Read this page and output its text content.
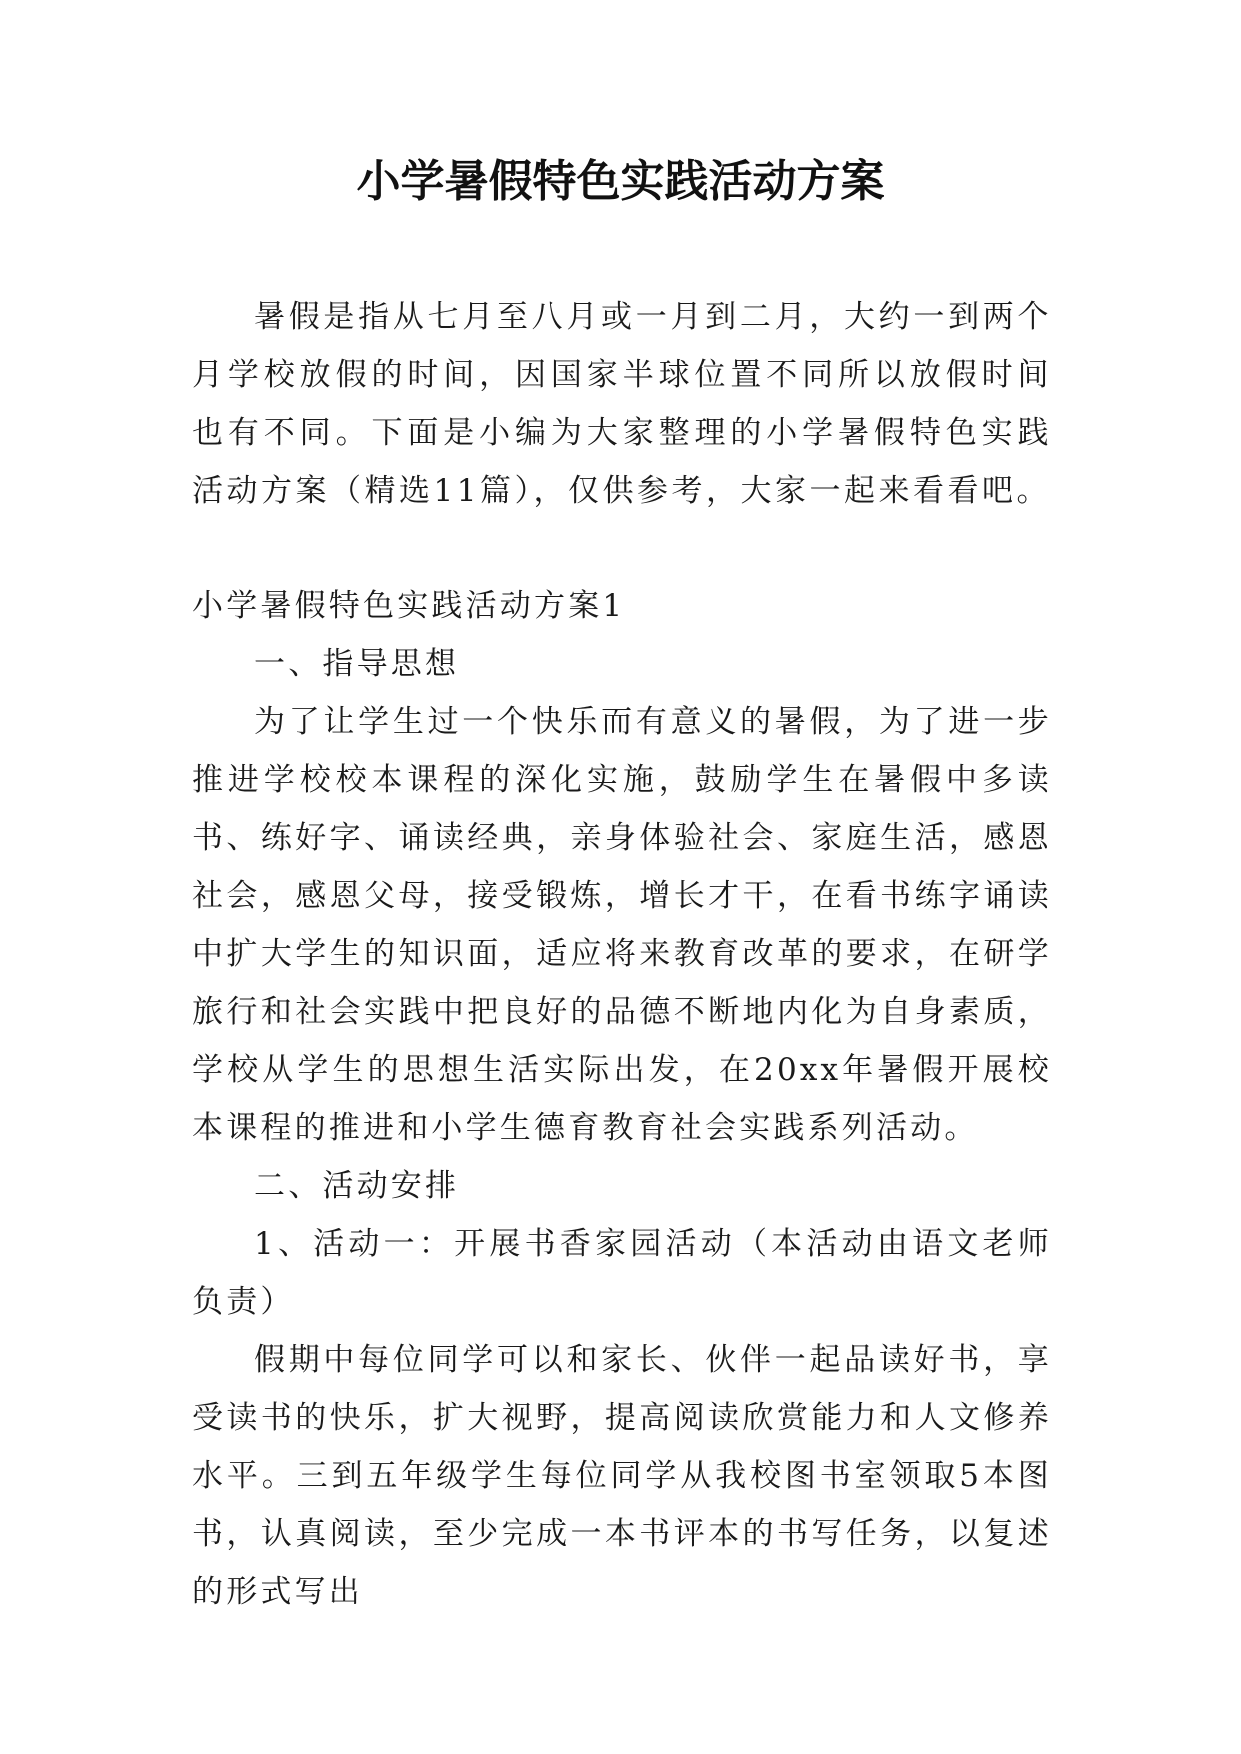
小学暑假特色实践活动方案

暑假是指从七月至八月或一月到二月，大约一到两个月学校放假的时间，因国家半球位置不同所以放假时间也有不同。下面是小编为大家整理的小学暑假特色实践活动方案（精选11篇），仅供参考，大家一起来看看吧。

小学暑假特色实践活动方案1

一、指导思想

为了让学生过一个快乐而有意义的暑假，为了进一步推进学校校本课程的深化实施，鼓励学生在暑假中多读书、练好字、诵读经典，亲身体验社会、家庭生活，感恩社会，感恩父母，接受锻炼，增长才干，在看书练字诵读中扩大学生的知识面，适应将来教育改革的要求，在研学旅行和社会实践中把良好的品德不断地内化为自身素质，学校从学生的思想生活实际出发，在20xx年暑假开展校本课程的推进和小学生德育教育社会实践系列活动。

二、活动安排

1、活动一：开展书香家园活动（本活动由语文老师负责）

假期中每位同学可以和家长、伙伴一起品读好书，享受读书的快乐，扩大视野，提高阅读欣赏能力和人文修养水平。三到五年级学生每位同学从我校图书室领取5本图书，认真阅读，至少完成一本书评本的书写任务，以复述的形式写出
